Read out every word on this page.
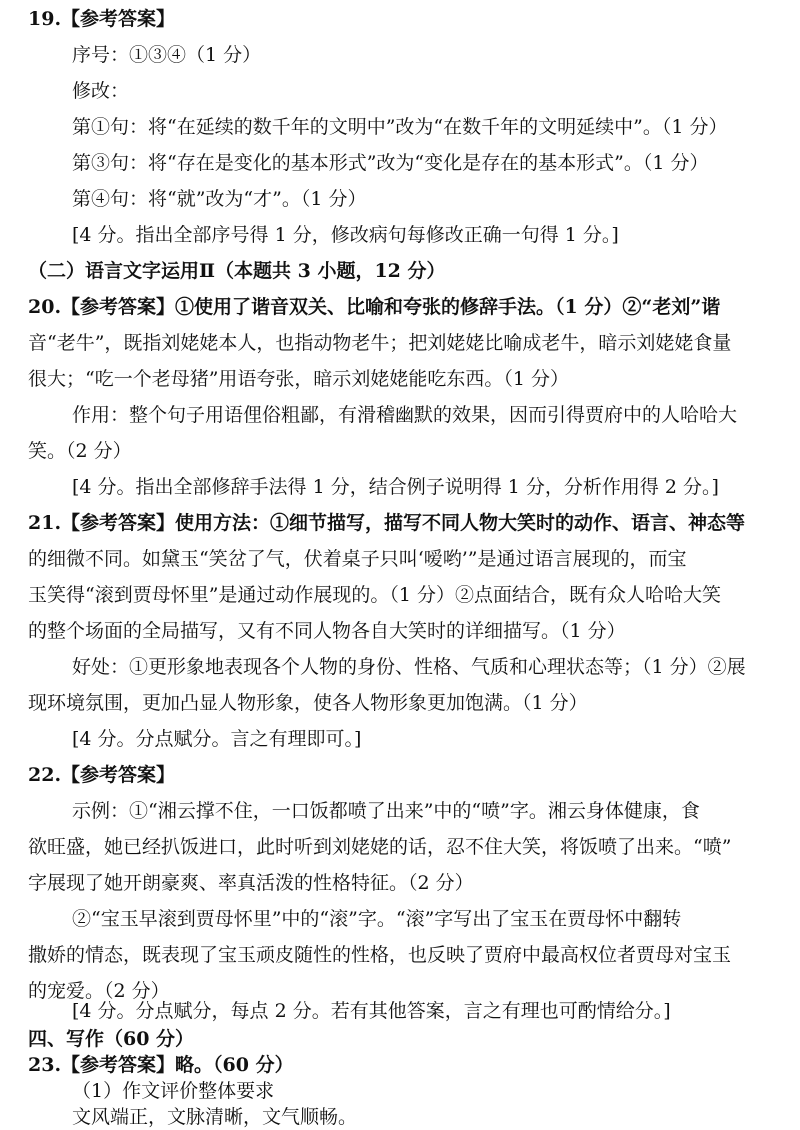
19.【参考答案】
序号：①③④（1 分）
修改：
第①句：将“在延续的数千年的文明中”改为“在数千年的文明延续中”。（1 分）
第③句：将“存在是变化的基本形式”改为“变化是存在的基本形式”。（1 分）
第④句：将“就”改为“才”。（1 分）
[4 分。指出全部序号得 1 分，修改病句每修改正确一句得 1 分。]
（二）语言文字运用Ⅱ（本题共 3 小题，12 分）
20.【参考答案】①使用了谐音双关、比喻和夸张的修辞手法。（1 分）②“老刘”谐
音“老牛”，既指刘姥姥本人，也指动物老牛；把刘姥姥比喻成老牛，暗示刘姥姥食量
很大；“吃一个老母猪”用语夸张，暗示刘姥姥能吃东西。（1 分）
作用：整个句子用语俚俗粗鄙，有滑稽幽默的效果，因而引得贾府中的人哈哈大
笑。（2 分）
[4 分。指出全部修辞手法得 1 分，结合例子说明得 1 分，分析作用得 2 分。]
21.【参考答案】使用方法：①细节描写，描写不同人物大笑时的动作、语言、神态等
的细微不同。如黛玉“笑岔了气，伏着桌子只叫‘嗳哟’”是通过语言展现的，而宝
玉笑得“滚到贾母怀里”是通过动作展现的。（1 分）②点面结合，既有众人哈哈大笑
的整个场面的全局描写，又有不同人物各自大笑时的详细描写。（1 分）
好处：①更形象地表现各个人物的身份、性格、气质和心理状态等；（1 分）②展
现环境氛围，更加凸显人物形象，使各人物形象更加饱满。（1 分）
[4 分。分点赋分。言之有理即可。]
22.【参考答案】
示例：①“湘云撑不住，一口饭都喷了出来”中的“喷”字。湘云身体健康，食
欲旺盛，她已经扒饭进口，此时听到刘姥姥的话，忍不住大笑，将饭喷了出来。“喷”
字展现了她开朗豪爽、率真活泼的性格特征。（2 分）
②“宝玉早滚到贾母怀里”中的“滚”字。“滚”字写出了宝玉在贾母怀中翻转
撒娇的情态，既表现了宝玉顽皮随性的性格，也反映了贾府中最高权位者贾母对宝玉
的宠爱。（2 分）
[4 分。分点赋分，每点 2 分。若有其他答案，言之有理也可酌情给分。]
四、写作（60 分）
23.【参考答案】略。（60 分）
（1）作文评价整体要求
文风端正，文脉清晰，文气顺畅。
